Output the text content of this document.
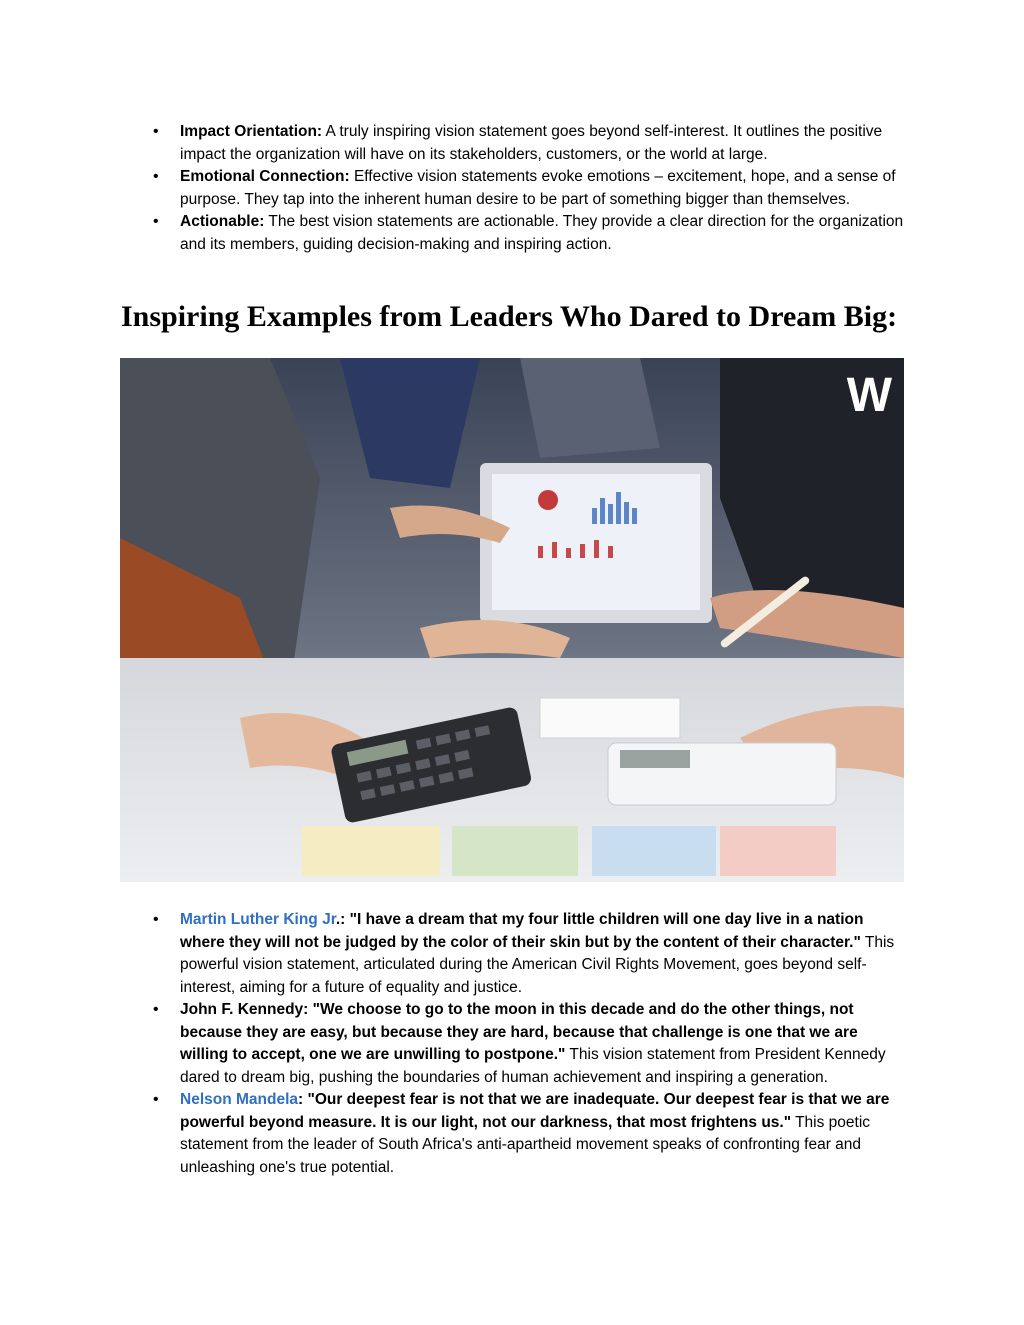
• Impact Orientation: A truly inspiring vision statement goes beyond self-interest. It outlines the positive impact the organization will have on its stakeholders, customers, or the world at large.
• Emotional Connection: Effective vision statements evoke emotions – excitement, hope, and a sense of purpose. They tap into the inherent human desire to be part of something bigger than themselves.
• Actionable: The best vision statements are actionable. They provide a clear direction for the organization and its members, guiding decision-making and inspiring action.
Inspiring Examples from Leaders Who Dared to Dream Big:
W
• Martin Luther King Jr.: "I have a dream that my four little children will one day live in a nation where they will not be judged by the color of their skin but by the content of their character." This powerful vision statement, articulated during the American Civil Rights Movement, goes beyond self-interest, aiming for a future of equality and justice.
• John F. Kennedy: "We choose to go to the moon in this decade and do the other things, not because they are easy, but because they are hard, because that challenge is one that we are willing to accept, one we are unwilling to postpone." This vision statement from President Kennedy dared to dream big, pushing the boundaries of human achievement and inspiring a generation.
• Nelson Mandela: "Our deepest fear is not that we are inadequate. Our deepest fear is that we are powerful beyond measure. It is our light, not our darkness, that most frightens us." This poetic statement from the leader of South Africa's anti-apartheid movement speaks of confronting fear and unleashing one's true potential.
